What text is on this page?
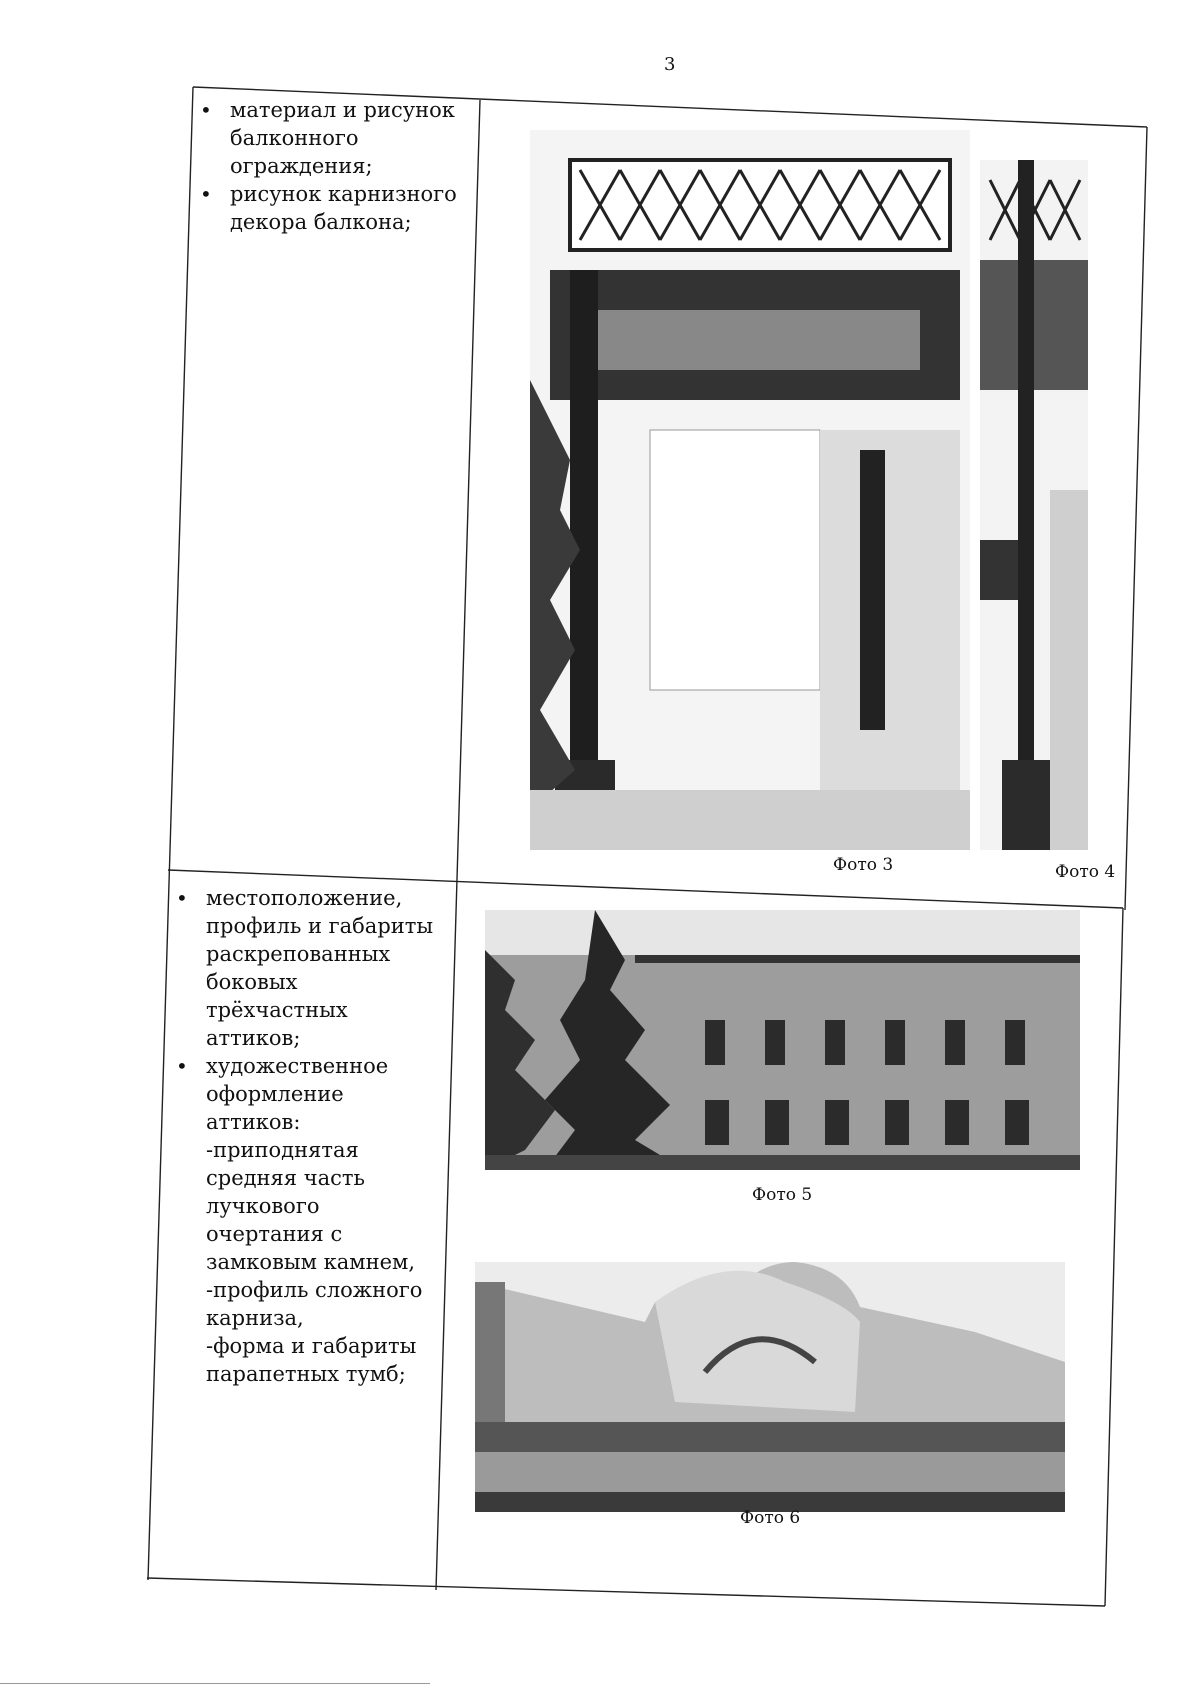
3
• материал и рисунок балконного ограждения;
• рисунок карнизного декора балкона;
Фото 3	Фото 4
• местоположение, профиль и габариты раскрепованных боковых трёхчастных аттиков;
• художественное оформление аттиков:
-приподнятая средняя часть лучкового очертания с замковым камнем,
-профиль сложного карниза,
-форма и габариты парапетных тумб;
Фото 5
Фото 6
